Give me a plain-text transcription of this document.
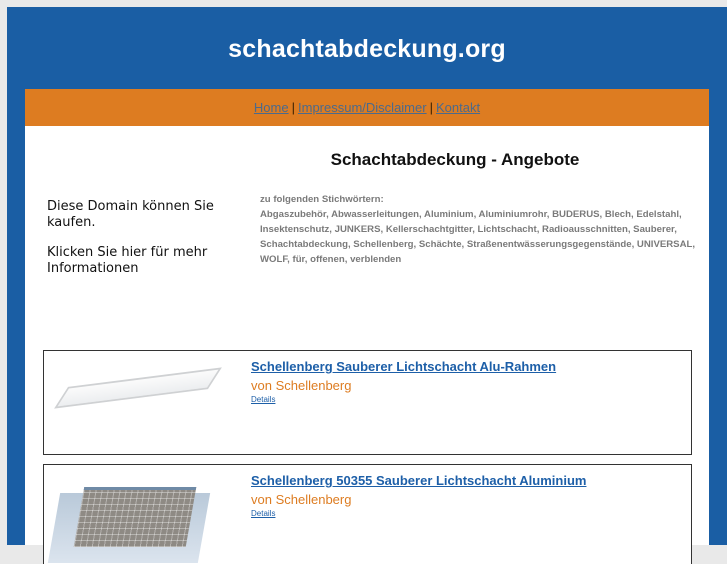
schachtabdeckung.org
Home | Impressum/Disclaimer | Kontakt

Diese Domain können Sie kaufen.

Klicken Sie hier für mehr Informationen

Schachtabdeckung - Angebote
zu folgenden Stichwörtern:
Abgaszubehör, Abwasserleitungen, Aluminium, Aluminiumrohr, BUDERUS, Blech, Edelstahl, Insektenschutz, JUNKERS, Kellerschachtgitter, Lichtschacht, Radioausschnitten, Sauberer, Schachtabdeckung, Schellenberg, Schächte, Straßenentwässerungsgegenstände, UNIVERSAL, WOLF, für, offenen, verblenden
Schellenberg Sauberer Lichtschacht Alu-Rahmen
von Schellenberg
Details
Schellenberg 50355 Sauberer Lichtschacht Aluminium
von Schellenberg
Details
